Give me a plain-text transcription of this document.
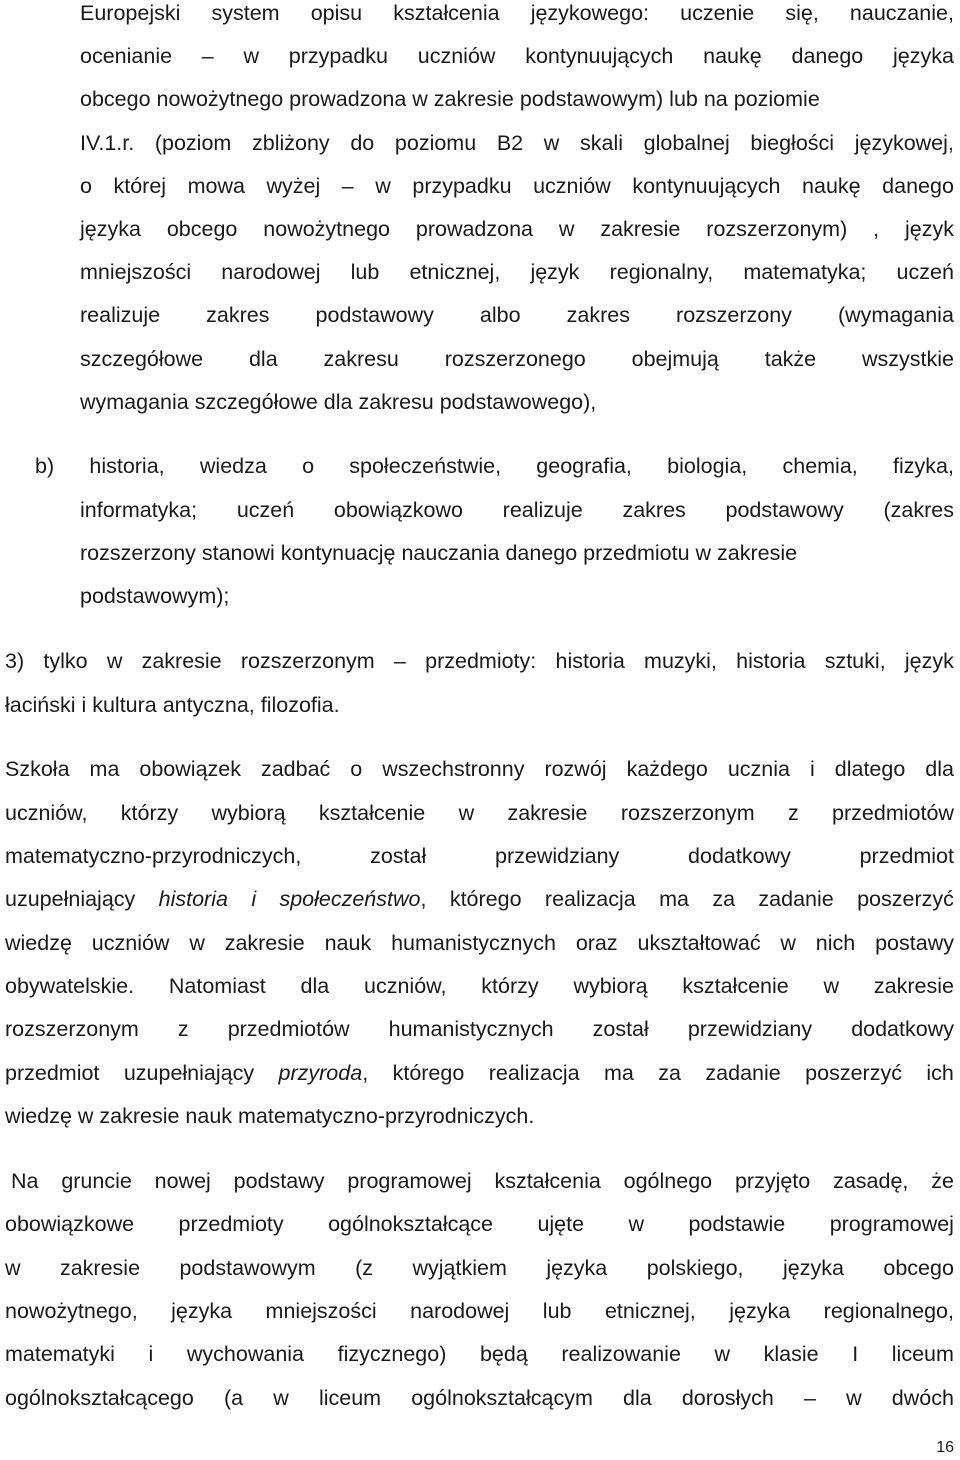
Europejski system opisu kształcenia językowego: uczenie się, nauczanie,
ocenianie – w przypadku uczniów kontynuujących naukę danego języka
obcego nowożytnego prowadzona w zakresie podstawowym) lub na poziomie
IV.1.r. (poziom zbliżony do poziomu B2 w skali globalnej biegłości językowej,
o której mowa wyżej – w przypadku uczniów kontynuujących naukę danego
języka obcego nowożytnego prowadzona w zakresie rozszerzonym) , język
mniejszości narodowej lub etnicznej, język regionalny, matematyka; uczeń
realizuje zakres podstawowy albo zakres rozszerzony (wymagania
szczegółowe dla zakresu rozszerzonego obejmują także wszystkie
wymagania szczegółowe dla zakresu podstawowego),
b) historia, wiedza o społeczeństwie, geografia, biologia, chemia, fizyka,
informatyka; uczeń obowiązkowo realizuje zakres podstawowy (zakres
rozszerzony stanowi kontynuację nauczania danego przedmiotu w zakresie
podstawowym);
3) tylko w zakresie rozszerzonym – przedmioty: historia muzyki, historia sztuki, język
łaciński i kultura antyczna, filozofia.
Szkoła ma obowiązek zadbać o wszechstronny rozwój każdego ucznia i dlatego dla
uczniów, którzy wybiorą kształcenie w zakresie rozszerzonym z przedmiotów
matematyczno-przyrodniczych,	został	przewidziany	dodatkowy	przedmiot
uzupełniający historia i społeczeństwo, którego realizacja ma za zadanie poszerzyć
wiedzę uczniów w zakresie nauk humanistycznych oraz ukształtować w nich postawy
obywatelskie. Natomiast dla uczniów, którzy wybiorą kształcenie w zakresie
rozszerzonym z przedmiotów humanistycznych został przewidziany dodatkowy
przedmiot uzupełniający przyroda, którego realizacja ma za zadanie poszerzyć ich
wiedzę w zakresie nauk matematyczno-przyrodniczych.
Na gruncie nowej podstawy programowej kształcenia ogólnego przyjęto zasadę, że
obowiązkowe przedmioty ogólnokształcące ujęte w podstawie programowej
w zakresie podstawowym (z wyjątkiem języka polskiego, języka obcego
nowożytnego, języka mniejszości narodowej lub etnicznej, języka regionalnego,
matematyki i wychowania fizycznego) będą realizowanie w klasie I liceum
ogólnokształcącego (a w liceum ogólnokształcącym dla dorosłych – w dwóch
16
